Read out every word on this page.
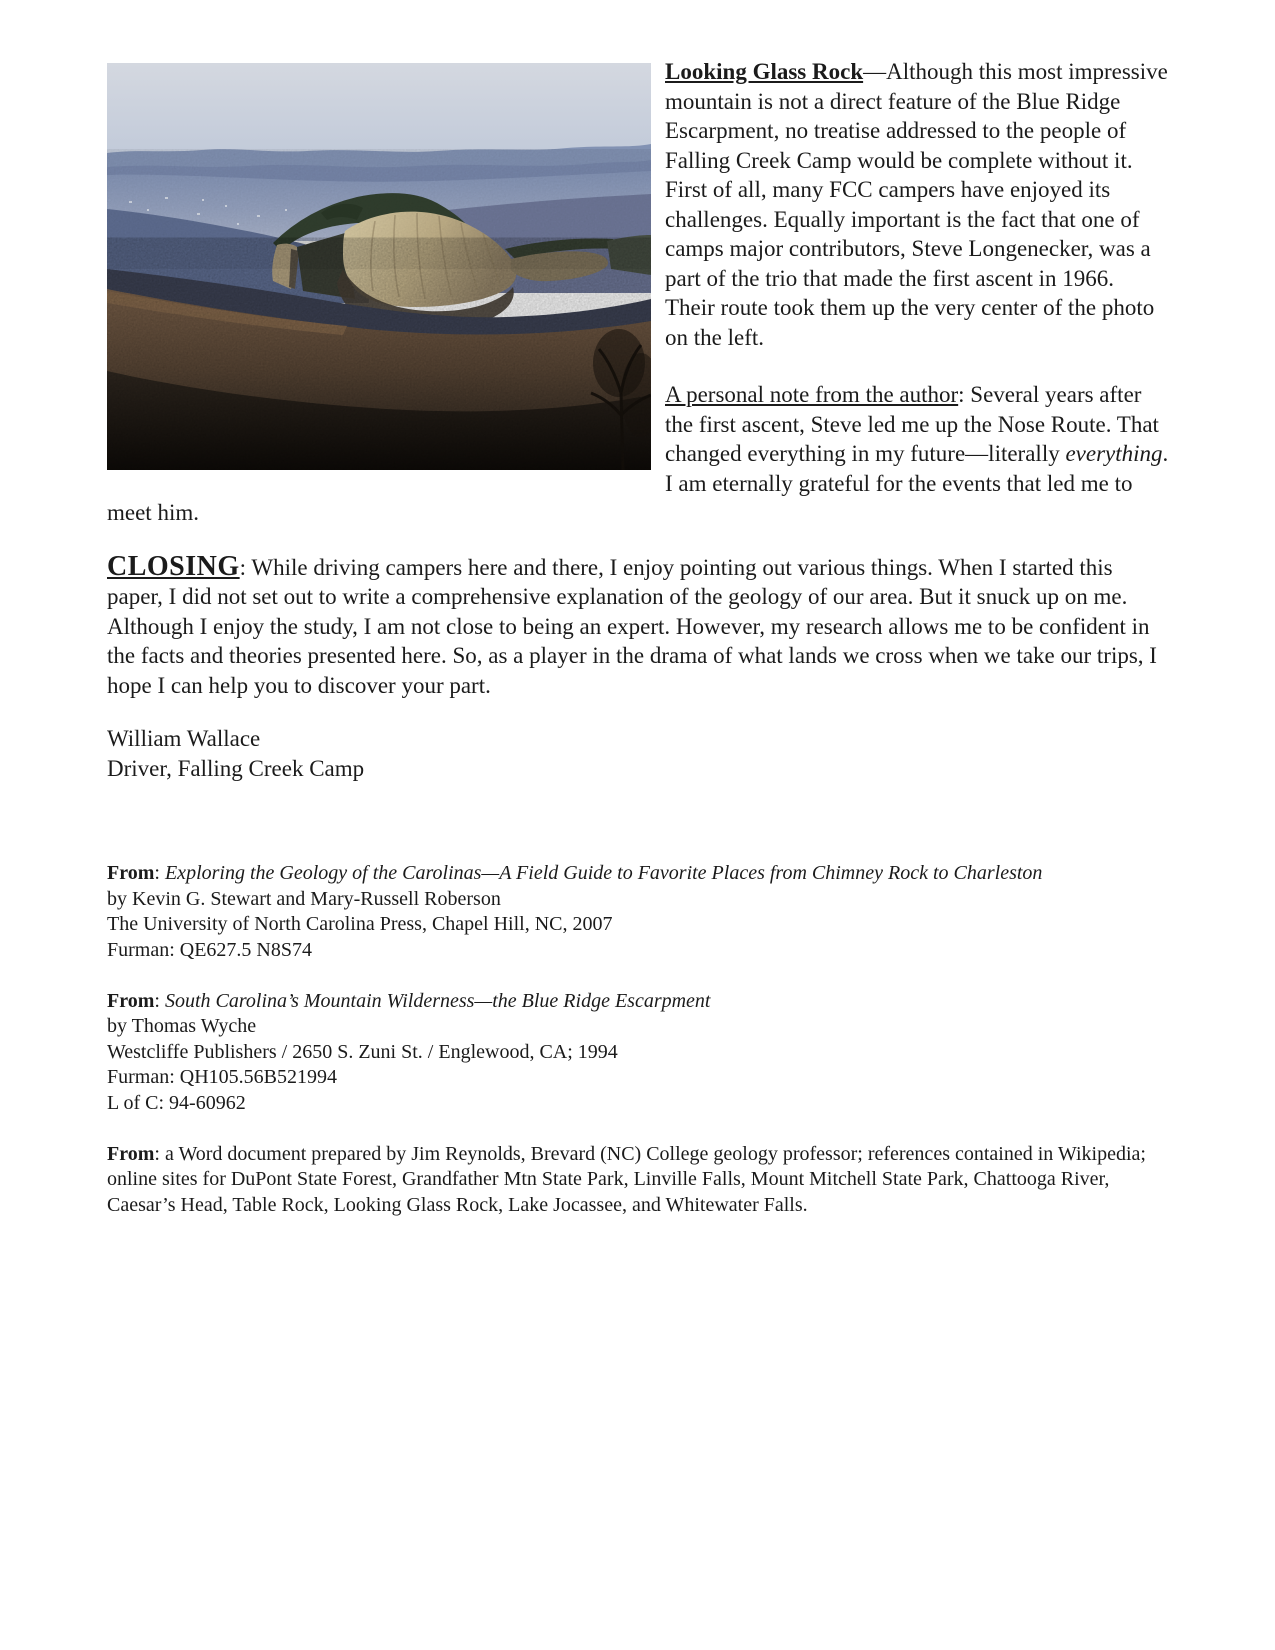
Looking Glass Rock—Although this most impressive mountain is not a direct feature of the Blue Ridge Escarpment, no treatise addressed to the people of Falling Creek Camp would be complete without it. First of all, many FCC campers have enjoyed its challenges. Equally important is the fact that one of camps major contributors, Steve Longenecker, was a part of the trio that made the first ascent in 1966. Their route took them up the very center of the photo on the left.

A personal note from the author: Several years after the first ascent, Steve led me up the Nose Route. That changed everything in my future—literally everything. I am eternally grateful for the events that led me to meet him.

CLOSING: While driving campers here and there, I enjoy pointing out various things. When I started this paper, I did not set out to write a comprehensive explanation of the geology of our area. But it snuck up on me. Although I enjoy the study, I am not close to being an expert. However, my research allows me to be confident in the facts and theories presented here. So, as a player in the drama of what lands we cross when we take our trips, I hope I can help you to discover your part.

William Wallace
Driver, Falling Creek Camp

From: Exploring the Geology of the Carolinas—A Field Guide to Favorite Places from Chimney Rock to Charleston
by Kevin G. Stewart and Mary-Russell Roberson
The University of North Carolina Press, Chapel Hill, NC, 2007
Furman: QE627.5 N8S74

From: South Carolina’s Mountain Wilderness—the Blue Ridge Escarpment
by Thomas Wyche
Westcliffe Publishers / 2650 S. Zuni St. / Englewood, CA; 1994
Furman: QH105.56B521994
L of C: 94-60962

From: a Word document prepared by Jim Reynolds, Brevard (NC) College geology professor; references contained in Wikipedia; online sites for DuPont State Forest, Grandfather Mtn State Park, Linville Falls, Mount Mitchell State Park, Chattooga River, Caesar’s Head, Table Rock, Looking Glass Rock, Lake Jocassee, and Whitewater Falls.
